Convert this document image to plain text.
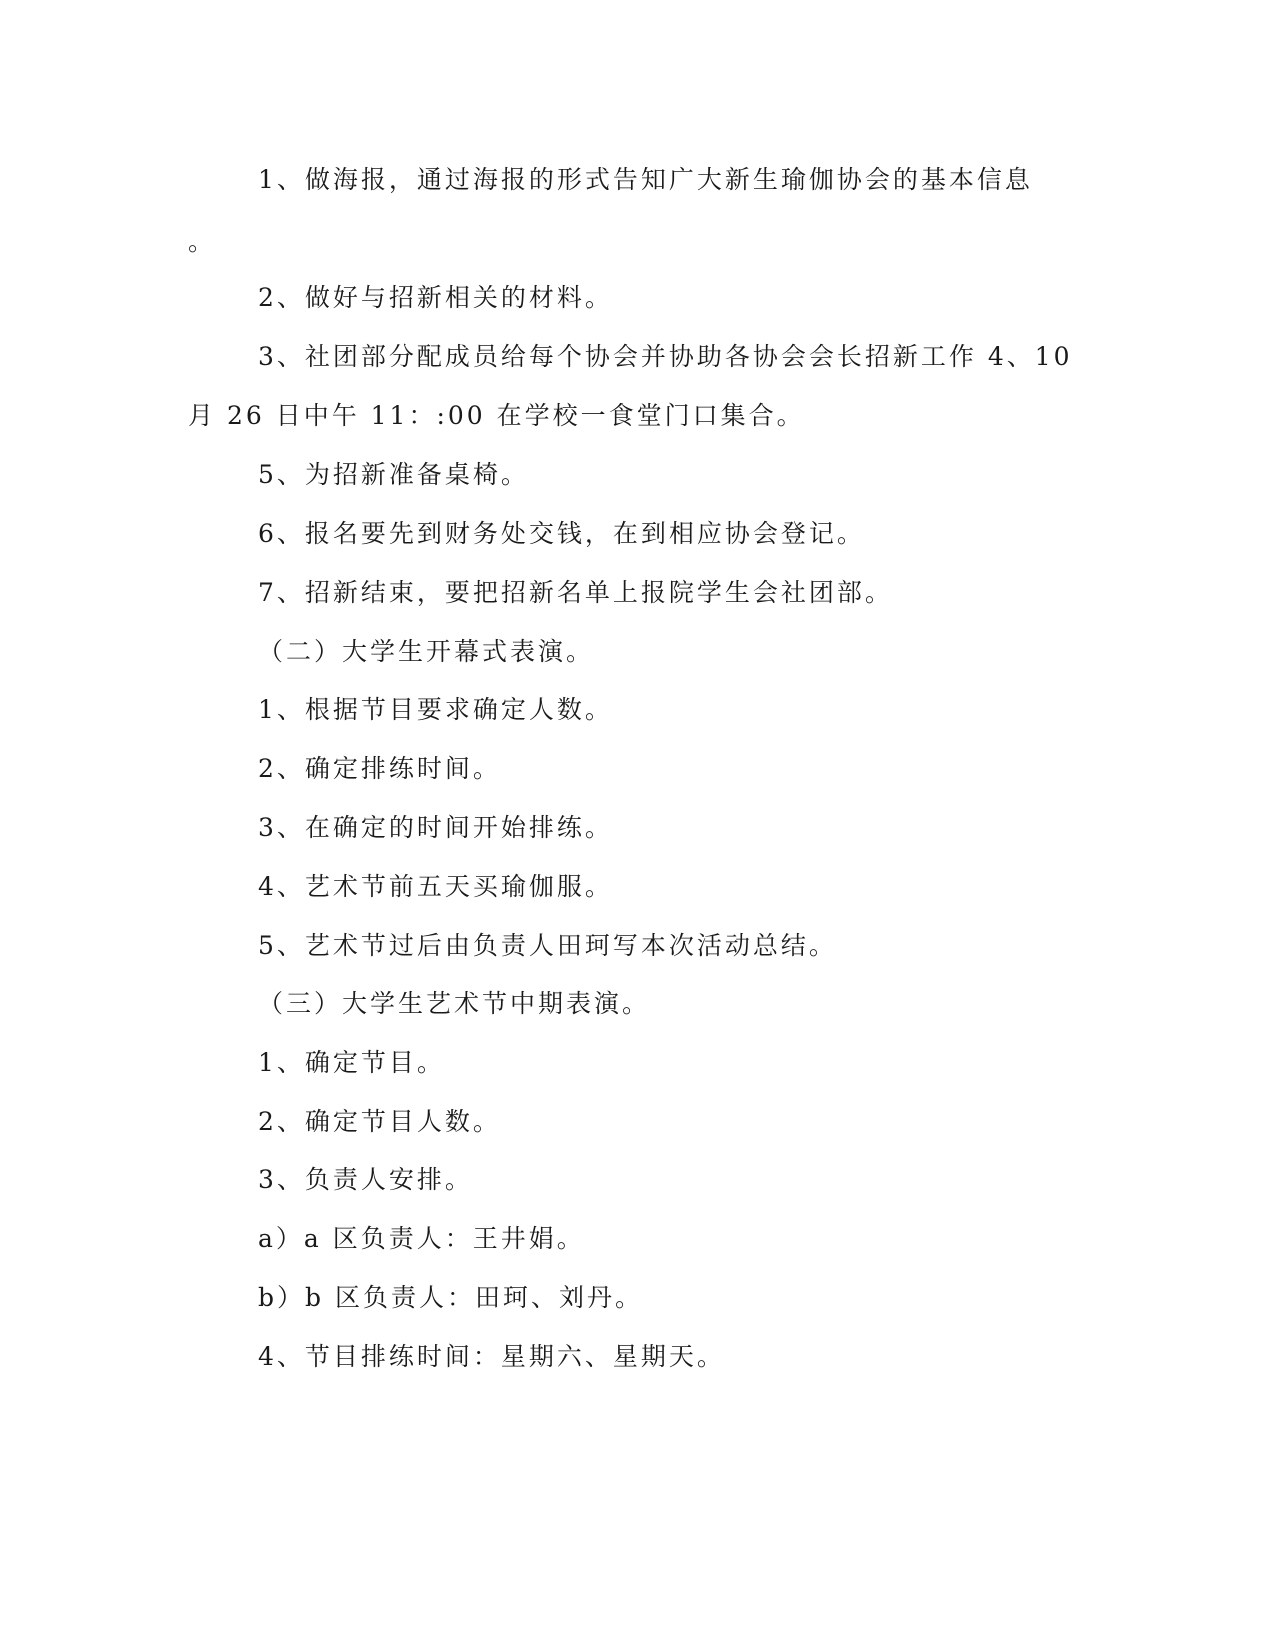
1、做海报，通过海报的形式告知广大新生瑜伽协会的基本信息
。
2、做好与招新相关的材料。
3、社团部分配成员给每个协会并协助各协会会长招新工作 4、10
月 26 日中午 11：:00 在学校一食堂门口集合。
5、为招新准备桌椅。
6、报名要先到财务处交钱，在到相应协会登记。
7、招新结束，要把招新名单上报院学生会社团部。
（二）大学生开幕式表演。
1、根据节目要求确定人数。
2、确定排练时间。
3、在确定的时间开始排练。
4、艺术节前五天买瑜伽服。
5、艺术节过后由负责人田珂写本次活动总结。
（三）大学生艺术节中期表演。
1、确定节目。
2、确定节目人数。
3、负责人安排。
a）a 区负责人：王井娟。
b）b 区负责人：田珂、刘丹。
4、节目排练时间：星期六、星期天。
